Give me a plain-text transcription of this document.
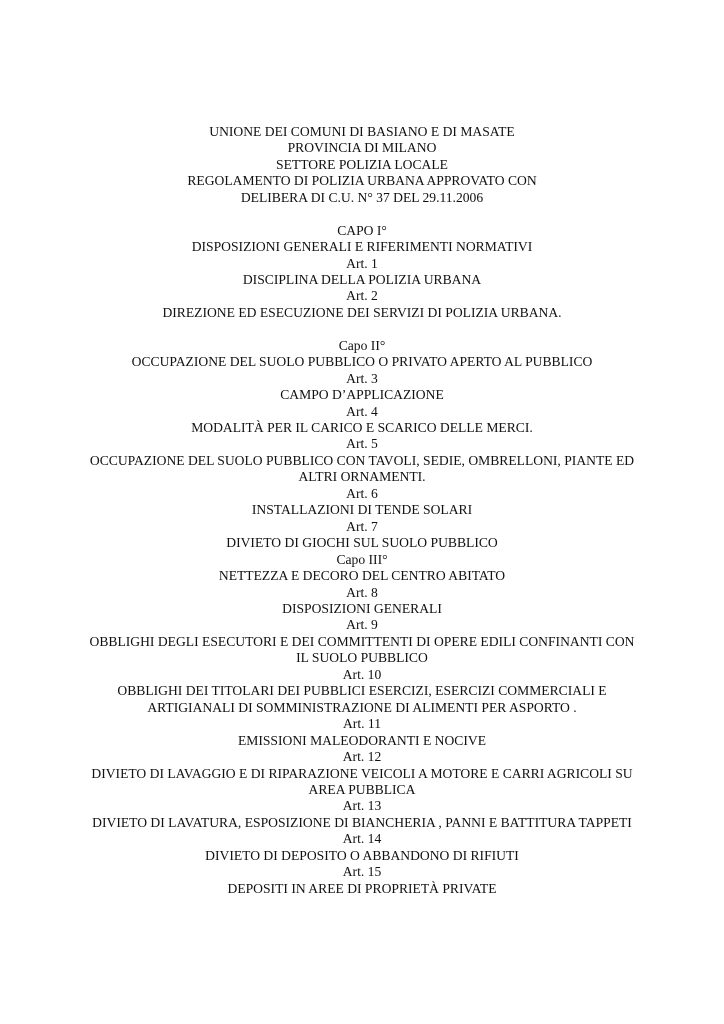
UNIONE DEI COMUNI DI BASIANO E DI MASATE
PROVINCIA DI MILANO
SETTORE POLIZIA LOCALE
REGOLAMENTO DI POLIZIA URBANA APPROVATO CON
DELIBERA DI C.U. N° 37 DEL 29.11.2006
CAPO I°
DISPOSIZIONI GENERALI E RIFERIMENTI NORMATIVI
Art. 1
DISCIPLINA DELLA POLIZIA URBANA
Art. 2
DIREZIONE ED ESECUZIONE DEI SERVIZI DI POLIZIA URBANA.
Capo II°
OCCUPAZIONE DEL SUOLO PUBBLICO O PRIVATO APERTO AL PUBBLICO
Art. 3
CAMPO D’APPLICAZIONE
Art. 4
MODALITÀ PER IL CARICO E SCARICO DELLE MERCI.
Art. 5
OCCUPAZIONE DEL SUOLO PUBBLICO CON TAVOLI, SEDIE, OMBRELLONI, PIANTE ED
ALTRI ORNAMENTI.
Art. 6
INSTALLAZIONI DI TENDE SOLARI
Art. 7
DIVIETO DI GIOCHI SUL SUOLO PUBBLICO
Capo III°
NETTEZZA E DECORO DEL CENTRO ABITATO
Art. 8
DISPOSIZIONI GENERALI
Art. 9
OBBLIGHI DEGLI ESECUTORI E DEI COMMITTENTI DI OPERE EDILI CONFINANTI CON
IL SUOLO PUBBLICO
Art. 10
OBBLIGHI DEI TITOLARI DEI PUBBLICI ESERCIZI, ESERCIZI COMMERCIALI E
ARTIGIANALI DI SOMMINISTRAZIONE DI ALIMENTI PER ASPORTO .
Art. 11
EMISSIONI MALEODORANTI E NOCIVE
Art. 12
DIVIETO DI LAVAGGIO E DI RIPARAZIONE VEICOLI A MOTORE E CARRI AGRICOLI SU
AREA PUBBLICA
Art. 13
DIVIETO DI LAVATURA, ESPOSIZIONE DI BIANCHERIA , PANNI E BATTITURA TAPPETI
Art. 14
DIVIETO DI DEPOSITO O ABBANDONO DI RIFIUTI
Art. 15
DEPOSITI IN AREE DI PROPRIETÀ PRIVATE
